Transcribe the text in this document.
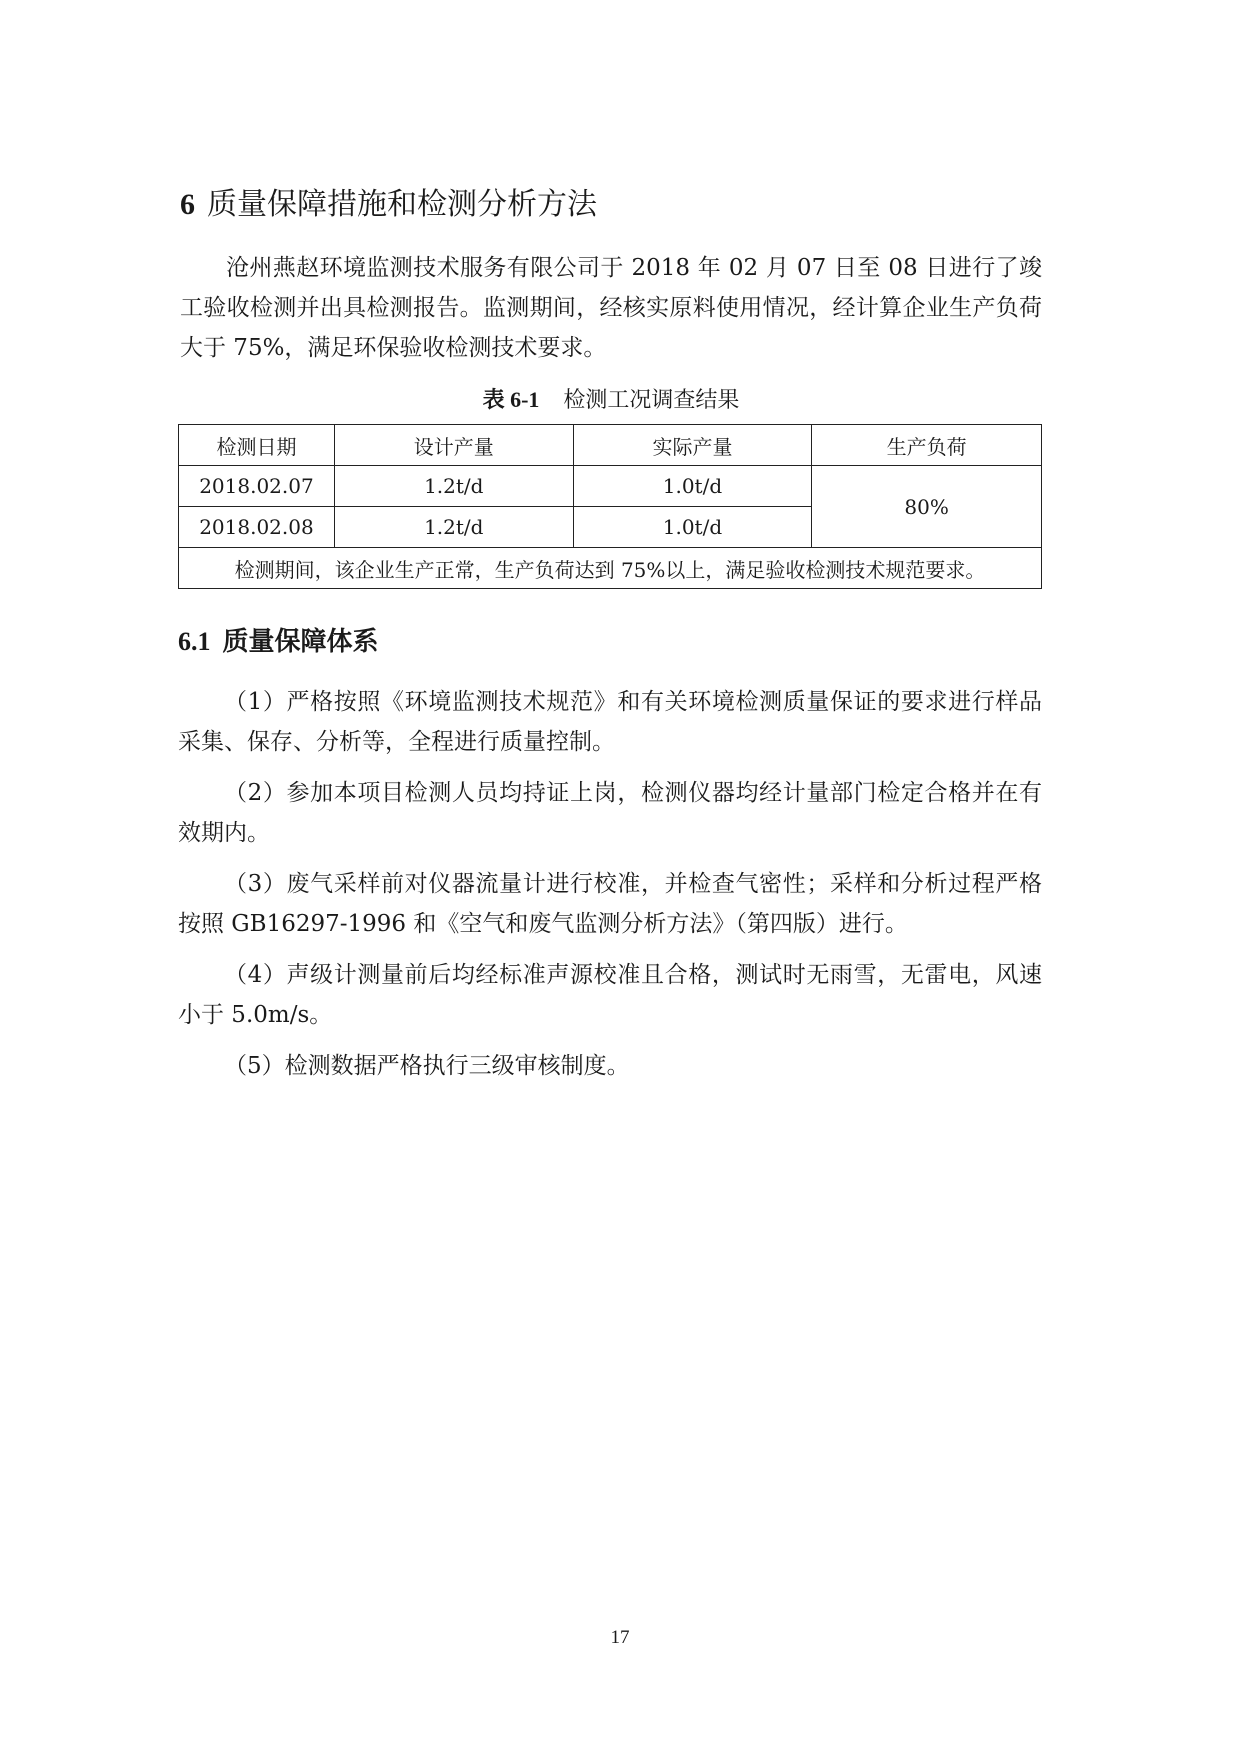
6 质量保障措施和检测分析方法

沧州燕赵环境监测技术服务有限公司于 2018 年 02 月 07 日至 08 日进行了竣工验收检测并出具检测报告。监测期间，经核实原料使用情况，经计算企业生产负荷大于 75%，满足环保验收检测技术要求。

表 6-1 检测工况调查结果

检测日期	设计产量	实际产量	生产负荷
2018.02.07	1.2t/d	1.0t/d	80%
2018.02.08	1.2t/d	1.0t/d	
检测期间，该企业生产正常，生产负荷达到 75%以上，满足验收检测技术规范要求。			
6.1 质量保障体系
（1）严格按照《环境监测技术规范》和有关环境检测质量保证的要求进行样品采集、保存、分析等，全程进行质量控制。
（2）参加本项目检测人员均持证上岗，检测仪器均经计量部门检定合格并在有效期内。
（3）废气采样前对仪器流量计进行校准，并检查气密性；采样和分析过程严格按照 GB16297-1996 和《空气和废气监测分析方法》（第四版）进行。
（4）声级计测量前后均经标准声源校准且合格，测试时无雨雪，无雷电，风速小于 5.0m/s。
（5）检测数据严格执行三级审核制度。
17
